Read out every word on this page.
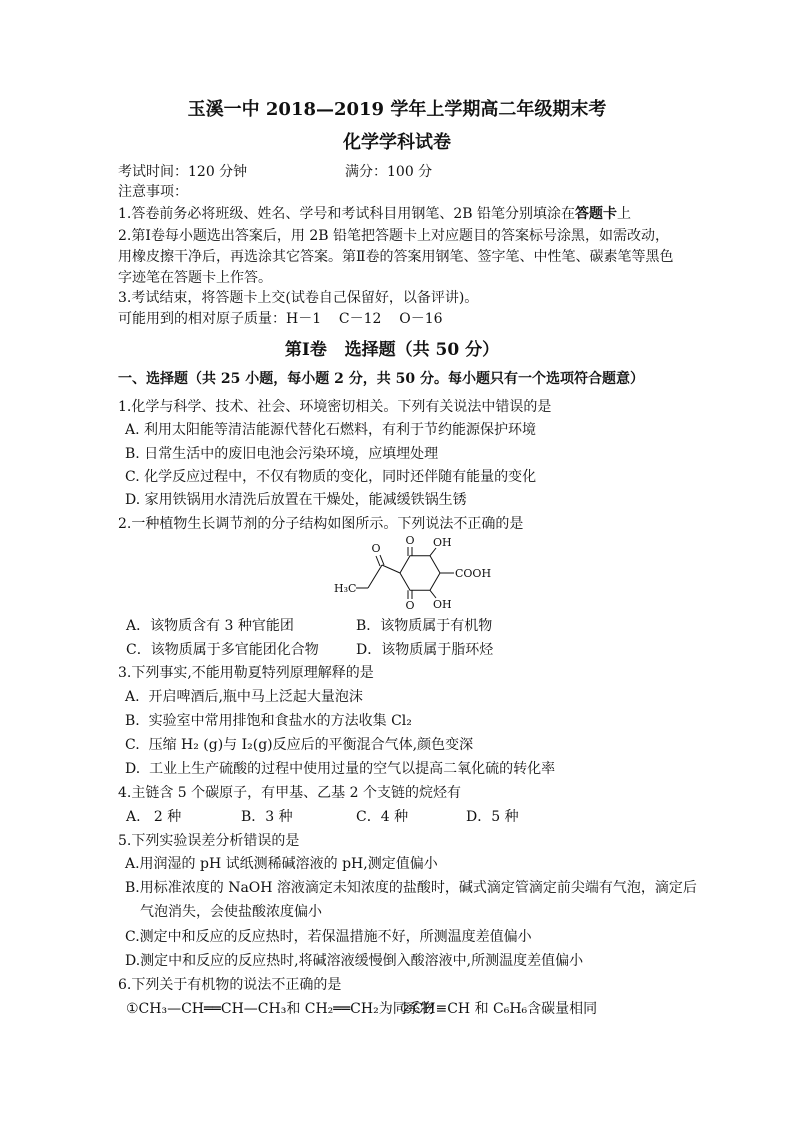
玉溪一中 2018—2019 学年上学期高二年级期末考
化学学科试卷
考试时间：120 分钟	满分：100 分
注意事项：
1.答卷前务必将班级、姓名、学号和考试科目用钢笔、2B 铅笔分别填涂在答题卡上
2.第Ⅰ卷每小题选出答案后，用 2B 铅笔把答题卡上对应题目的答案标号涂黑，如需改动，
用橡皮擦干净后，再选涂其它答案。第Ⅱ卷的答案用钢笔、签字笔、中性笔、碳素笔等黑色
字迹笔在答题卡上作答。
3.考试结束，将答题卡上交(试卷自己保留好，以备评讲)。
可能用到的相对原子质量：H－1    C－12    O－16
第Ⅰ卷   选择题（共 50 分）
一、选择题（共 25 小题，每小题 2 分，共 50 分。每小题只有一个选项符合题意）
1.化学与科学、技术、社会、环境密切相关。下列有关说法中错误的是
A. 利用太阳能等清洁能源代替化石燃料，有利于节约能源保护环境
B. 日常生活中的废旧电池会污染环境，应填埋处理
C. 化学反应过程中，不仅有物质的变化，同时还伴随有能量的变化
D. 家用铁锅用水清洗后放置在干燥处，能减缓铁锅生锈
2.一种植物生长调节剂的分子结构如图所示。下列说法不正确的是
O OH
COOH
O OH
O
H₃C
A．该物质含有 3 种官能团	B．该物质属于有机物
C．该物质属于多官能团化合物	D．该物质属于脂环烃
3.下列事实,不能用勒夏特列原理解释的是
A.  开启啤酒后,瓶中马上泛起大量泡沫
B.  实验室中常用排饱和食盐水的方法收集 Cl₂
C.  压缩 H₂ (g)与 I₂(g)反应后的平衡混合气体,颜色变深
D.  工业上生产硫酸的过程中使用过量的空气以提高二氧化硫的转化率
4.主链含 5 个碳原子，有甲基、乙基 2 个支链的烷烃有
A.   2 种	B．3 种	C．4 种	D．5 种
5.下列实验误差分析错误的是
A.用润湿的 pH 试纸测稀碱溶液的 pH,测定值偏小
B.用标准浓度的 NaOH 溶液滴定未知浓度的盐酸时，碱式滴定管滴定前尖端有气泡，滴定后
气泡消失，会使盐酸浓度偏小
C.测定中和反应的反应热时，若保温措施不好，所测温度差值偏小
D.测定中和反应的反应热时,将碱溶液缓慢倒入酸溶液中,所测温度差值偏小
6.下列关于有机物的说法不正确的是
①CH₃—CH══CH—CH₃和 CH₂══CH₂为同系物
②CH≡CH 和 C₆H₆含碳量相同
